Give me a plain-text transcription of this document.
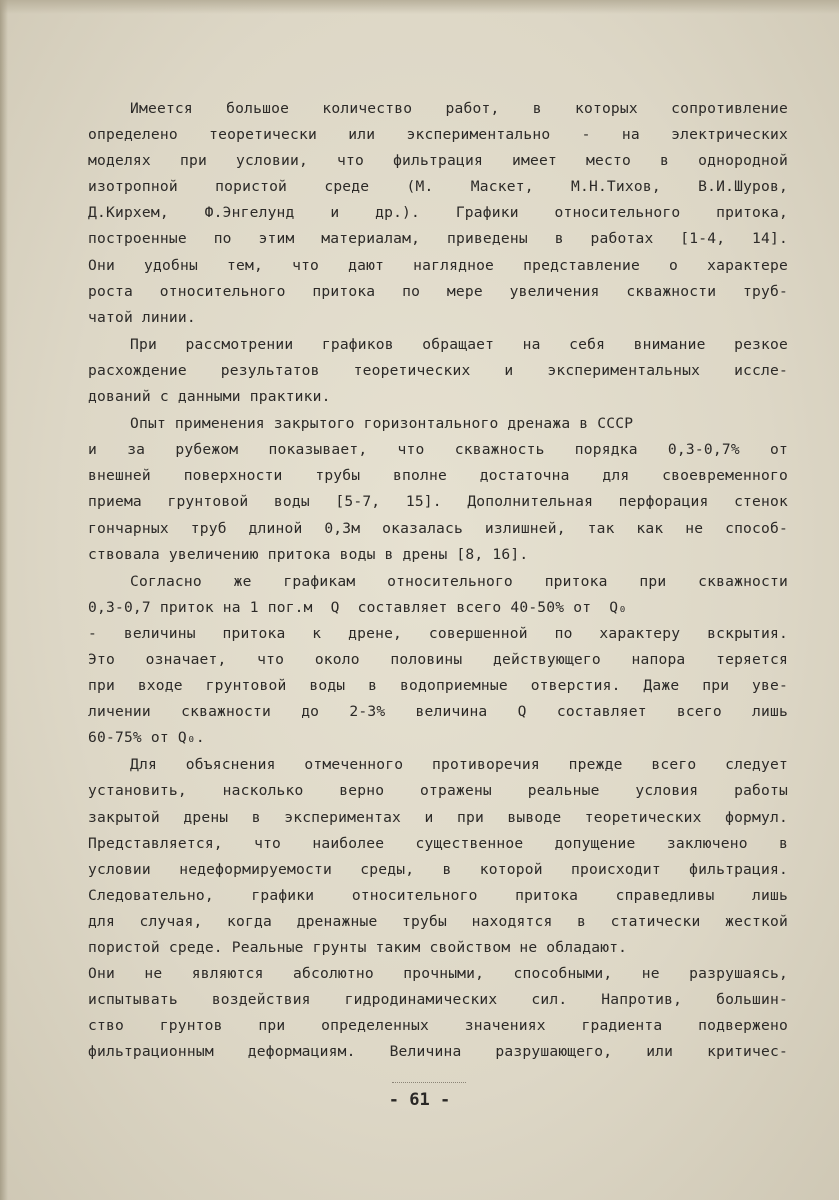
Имеется большое количество работ, в которых сопротивление
определено теоретически или экспериментально - на электрических
моделях при условии, что фильтрация имеет место в однородной
изотропной пористой среде (М. Маскет, М.Н.Тихов, В.И.Шуров,
Д.Кирхем, Ф.Энгелунд и др.). Графики относительного притока,
построенные по этим материалам, приведены в работах [1-4, 14].
Они удобны тем, что дают наглядное представление о характере
роста относительного притока по мере увеличения скважности труб-
чатой линии.
При рассмотрении графиков обращает на себя внимание резкое
расхождение результатов теоретических и экспериментальных иссле-
дований с данными практики.
Опыт применения закрытого горизонтального дренажа в СССР
и за рубежом показывает, что скважность порядка 0,3-0,7% от
внешней поверхности трубы вполне достаточна для своевременного
приема грунтовой воды [5-7, 15]. Дополнительная перфорация стенок
гончарных труб длиной 0,3м оказалась излишней, так как не способ-
ствовала увеличению притока воды в дрены [8, 16].
Согласно же графикам относительного притока при скважности
0,3-0,7 приток на 1 пог.м  Q  составляет всего 40-50% от  Q₀
- величины притока к дрене, совершенной по характеру вскрытия.
Это означает, что около половины действующего напора теряется
при входе грунтовой воды в водоприемные отверстия. Даже при уве-
личении скважности до 2-3% величина Q составляет всего лишь
60-75% от Q₀.
Для объяснения отмеченного противоречия прежде всего следует
установить, насколько верно отражены реальные условия работы
закрытой дрены в экспериментах и при выводе теоретических формул.
Представляется, что наиболее существенное допущение заключено в
условии недеформируемости среды, в которой происходит фильтрация.
Следовательно, графики относительного притока справедливы лишь
для случая, когда дренажные трубы находятся в статически жесткой
пористой среде. Реальные грунты таким свойством не обладают.
Они не являются абсолютно прочными, способными, не разрушаясь,
испытывать воздействия гидродинамических сил. Напротив, большин-
ство грунтов при определенных значениях градиента подвержено
фильтрационным деформациям. Величина разрушающего, или критичес-
- 61 -
